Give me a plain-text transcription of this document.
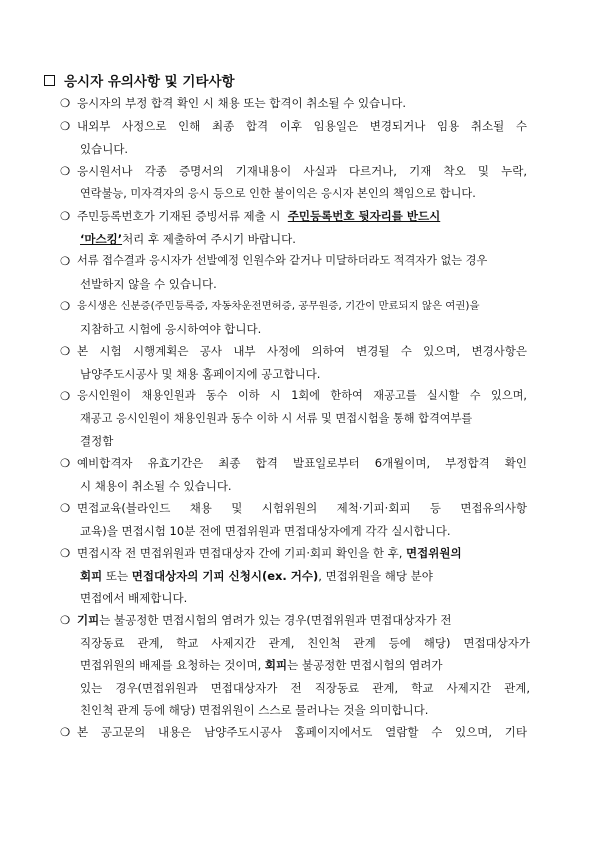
응시자 유의사항 및 기타사항
❍ 응시자의 부정 합격 확인 시 채용 또는 합격이 취소될 수 있습니다.
❍ 내외부 사정으로 인해 최종 합격 이후 임용일은 변경되거나 임용 취소될 수
있습니다.
❍ 응시원서나 각종 증명서의 기재내용이 사실과 다르거나, 기재 착오 및 누락,
연락불능, 미자격자의 응시 등으로 인한 불이익은 응시자 본인의 책임으로 합니다.
❍ 주민등록번호가 기재된 증빙서류 제출 시 주민등록번호 뒷자리를 반드시
‘마스킹’처리 후 제출하여 주시기 바랍니다.
❍ 서류 접수결과 응시자가 선발예정 인원수와 같거나 미달하더라도 적격자가 없는 경우
선발하지 않을 수 있습니다.
❍ 응시생은 신분증(주민등록증, 자동차운전면허증, 공무원증, 기간이 만료되지 않은 여권)을
지참하고 시험에 응시하여야 합니다.
❍ 본 시험 시행계획은 공사 내부 사정에 의하여 변경될 수 있으며, 변경사항은
남양주도시공사 및 채용 홈페이지에 공고합니다.
❍ 응시인원이 채용인원과 동수 이하 시 1회에 한하여 재공고를 실시할 수 있으며,
재공고 응시인원이 채용인원과 동수 이하 시 서류 및 면접시험을 통해 합격여부를
결정함
❍ 예비합격자 유효기간은 최종 합격 발표일로부터 6개월이며, 부정합격 확인
시 채용이 취소될 수 있습니다.
❍ 면접교육(블라인드 채용 및 시험위원의 제척·기피·회피 등 면접유의사항
교육)을 면접시험 10분 전에 면접위원과 면접대상자에게 각각 실시합니다.
❍ 면접시작 전 면접위원과 면접대상자 간에 기피·회피 확인을 한 후, 면접위원의
회피 또는 면접대상자의 기피 신청시(ex. 거수), 면접위원을 해당 분야
면접에서 배제합니다.
❍ 기피는 불공정한 면접시험의 염려가 있는 경우(면접위원과 면접대상자가 전
직장동료 관계, 학교 사제지간 관계, 친인척 관계 등에 해당) 면접대상자가
면접위원의 배제를 요청하는 것이며, 회피는 불공정한 면접시험의 염려가
있는 경우(면접위원과 면접대상자가 전 직장동료 관계, 학교 사제지간 관계,
친인척 관계 등에 해당) 면접위원이 스스로 물러나는 것을 의미합니다.
❍ 본 공고문의 내용은 남양주도시공사 홈페이지에서도 열람할 수 있으며, 기타
